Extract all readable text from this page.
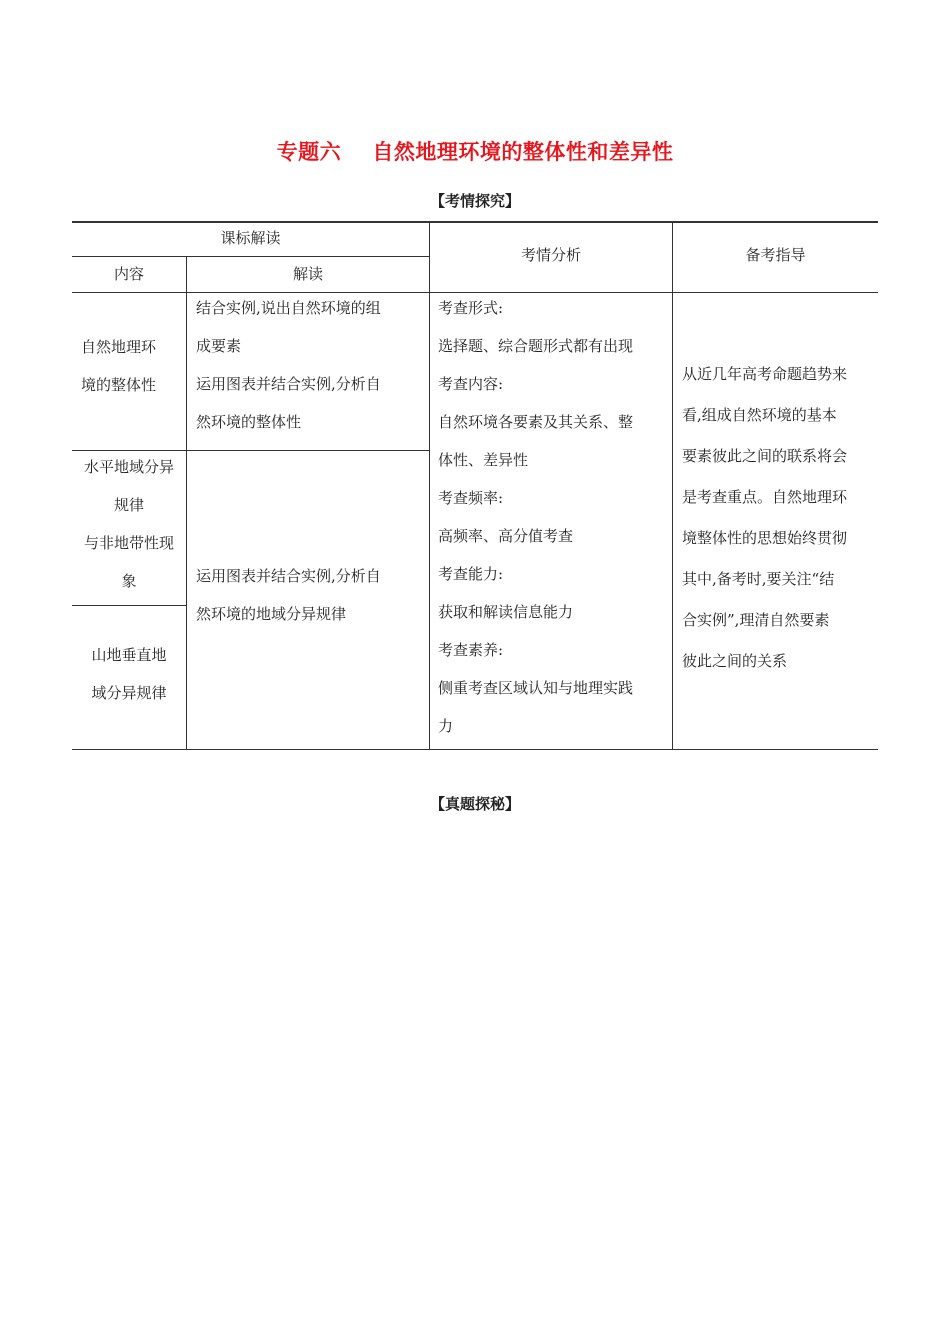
专题六    自然地理环境的整体性和差异性
【考情探究】
课标解读
内容	解读
考情分析	备考指导
自然地理环
境的整体性
结合实例,说出自然环境的组
成要素
运用图表并结合实例,分析自
然环境的整体性
水平地域分异
规律
与非地带性现
象
山地垂直地
域分异规律
运用图表并结合实例,分析自
然环境的地域分异规律
考查形式:
选择题、综合题形式都有出现
考查内容:
自然环境各要素及其关系、整
体性、差异性
考查频率:
高频率、高分值考查
考查能力:
获取和解读信息能力
考查素养:
侧重考查区域认知与地理实践
力
从近几年高考命题趋势来
看,组成自然环境的基本
要素彼此之间的联系将会
是考查重点。自然地理环
境整体性的思想始终贯彻
其中,备考时,要关注“结
合实例”,理清自然要素
彼此之间的关系
【真题探秘】
